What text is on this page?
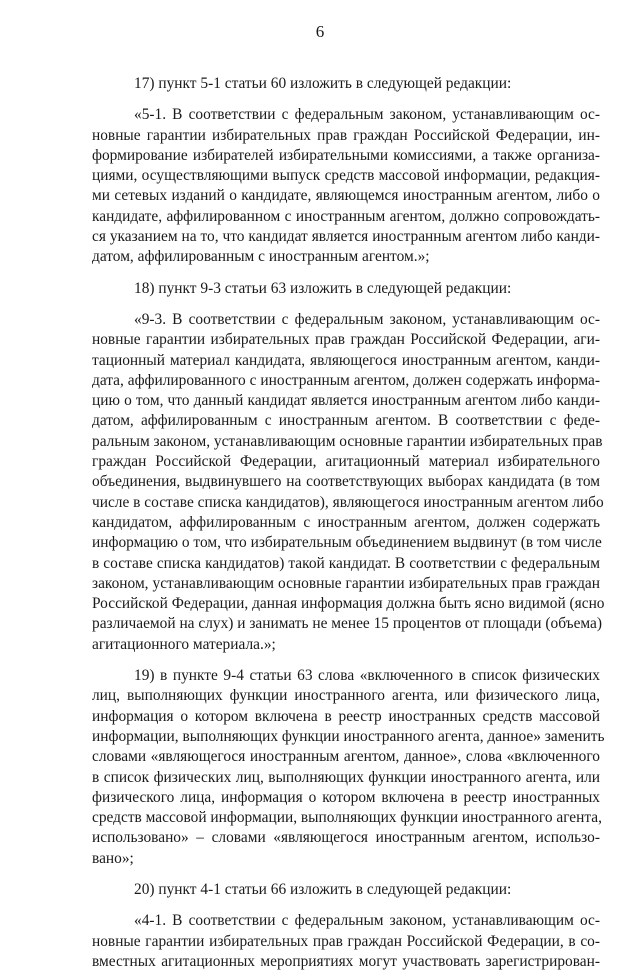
6

17) пункт 5-1 статьи 60 изложить в следующей редакции:

«5-1. В соответствии с федеральным законом, устанавливающим ос-
новные гарантии избирательных прав граждан Российской Федерации, ин-
формирование избирателей избирательными комиссиями, а также организа-
циями, осуществляющими выпуск средств массовой информации, редакция-
ми сетевых изданий о кандидате, являющемся иностранным агентом, либо о
кандидате, аффилированном с иностранным агентом, должно сопровождать-
ся указанием на то, что кандидат является иностранным агентом либо канди-
датом, аффилированным с иностранным агентом.»;

18) пункт 9-3 статьи 63 изложить в следующей редакции:

«9-3. В соответствии с федеральным законом, устанавливающим ос-
новные гарантии избирательных прав граждан Российской Федерации, аги-
тационный материал кандидата, являющегося иностранным агентом, канди-
дата, аффилированного с иностранным агентом, должен содержать информа-
цию о том, что данный кандидат является иностранным агентом либо канди-
датом, аффилированным с иностранным агентом. В соответствии с феде-
ральным законом, устанавливающим основные гарантии избирательных прав
граждан Российской Федерации, агитационный материал избирательного
объединения, выдвинувшего на соответствующих выборах кандидата (в том
числе в составе списка кандидатов), являющегося иностранным агентом либо
кандидатом, аффилированным с иностранным агентом, должен содержать
информацию о том, что избирательным объединением выдвинут (в том числе
в составе списка кандидатов) такой кандидат. В соответствии с федеральным
законом, устанавливающим основные гарантии избирательных прав граждан
Российской Федерации, данная информация должна быть ясно видимой (ясно
различаемой на слух) и занимать не менее 15 процентов от площади (объема)
агитационного материала.»;

19) в пункте 9-4 статьи 63 слова «включенного в список физических
лиц, выполняющих функции иностранного агента, или физического лица,
информация о котором включена в реестр иностранных средств массовой
информации, выполняющих функции иностранного агента, данное» заменить
словами «являющегося иностранным агентом, данное», слова «включенного
в список физических лиц, выполняющих функции иностранного агента, или
физического лица, информация о котором включена в реестр иностранных
средств массовой информации, выполняющих функции иностранного агента,
использовано» – словами «являющегося иностранным агентом, использо-
вано»;

20) пункт 4-1 статьи 66 изложить в следующей редакции:

«4-1. В соответствии с федеральным законом, устанавливающим ос-
новные гарантии избирательных прав граждан Российской Федерации, в со-
вместных агитационных мероприятиях могут участвовать зарегистрирован-
